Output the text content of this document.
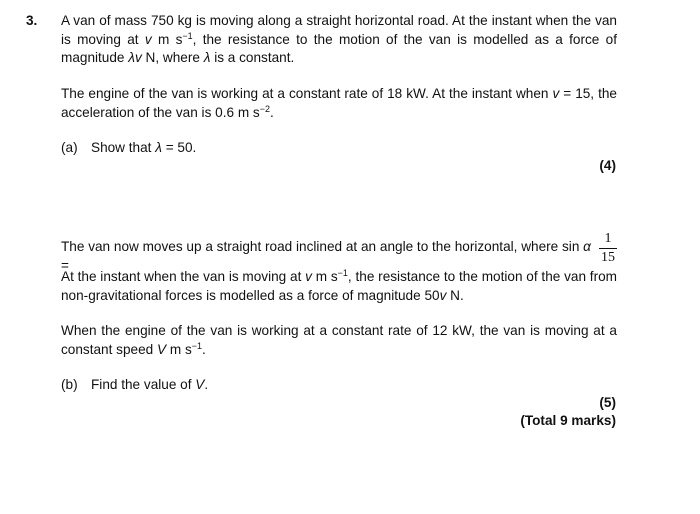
3. A van of mass 750 kg is moving along a straight horizontal road. At the instant when the van is moving at v m $s^{-1}$, the resistance to the motion of the van is modelled as a force of magnitude λv N, where λ is a constant.

The engine of the van is working at a constant rate of 18 kW. At the instant when v = 15, the acceleration of the van is 0.6 m $s^{-2}$.

(a) Show that λ = 50.
(4)

The van now moves up a straight road inclined at an angle to the horizontal, where sin α =

1
15

At the instant when the van is moving at v m $s^{-1}$, the resistance to the motion of the van from non-gravitational forces is modelled as a force of magnitude 50v N.

When the engine of the van is working at a constant rate of 12 kW, the van is moving at a constant speed V m $s^{-1}$.

(b) Find the value of V.
(5)
(Total 9 marks)
